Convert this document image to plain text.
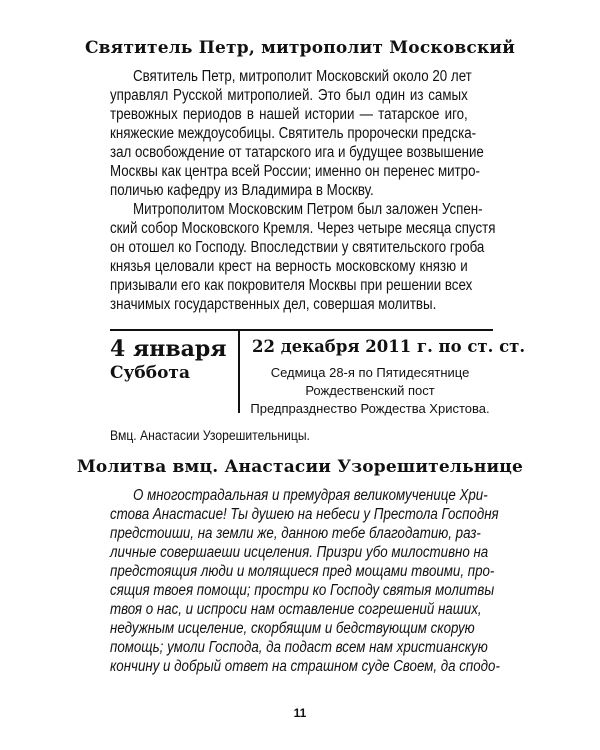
Святитель Петр, митрополит Московский
Святитель Петр, митрополит Московский около 20 лет
управлял Русской митрополией. Это был один из самых
тревожных периодов в нашей истории — татарское иго,
княжеские междоусобицы. Святитель пророчески предска-
зал освобождение от татарского ига и будущее возвышение
Москвы как центра всей России; именно он перенес митро-
поличью кафедру из Владимира в Москву.
Митрополитом Московским Петром был заложен Успен-
ский собор Московского Кремля. Через четыре месяца спустя
он отошел ко Господу. Впоследствии у святительского гроба
князья целовали крест на верность московскому князю и
призывали его как покровителя Москвы при решении всех
значимых государственных дел, совершая молитвы.
4 января
Суббота
22 декабря 2011 г. по ст. ст.
Седмица 28-я по Пятидесятнице
Рождественский пост
Предпразднество Рождества Христова.
Вмц. Анастасии Узорешительницы.
Молитва вмц. Анастасии Узорешительнице
О многострадальная и премудрая великомученице Хри-
стова Анастасие! Ты душею на небеси у Престола Господня
предстоиши, на земли же, данною тебе благодатию, раз-
личные совершаеши исцеления. Призри убо милостивно на
предстоящия люди и молящиеся пред мощами твоими, про-
сящия твоея помощи; простри ко Господу святыя молитвы
твоя о нас, и испроси нам оставление согрешений наших,
недужным исцеление, скорбящим и бедствующим скорую
помощь; умоли Господа, да подаст всем нам христианскую
кончину и добрый ответ на страшном суде Своем, да сподо-
11
